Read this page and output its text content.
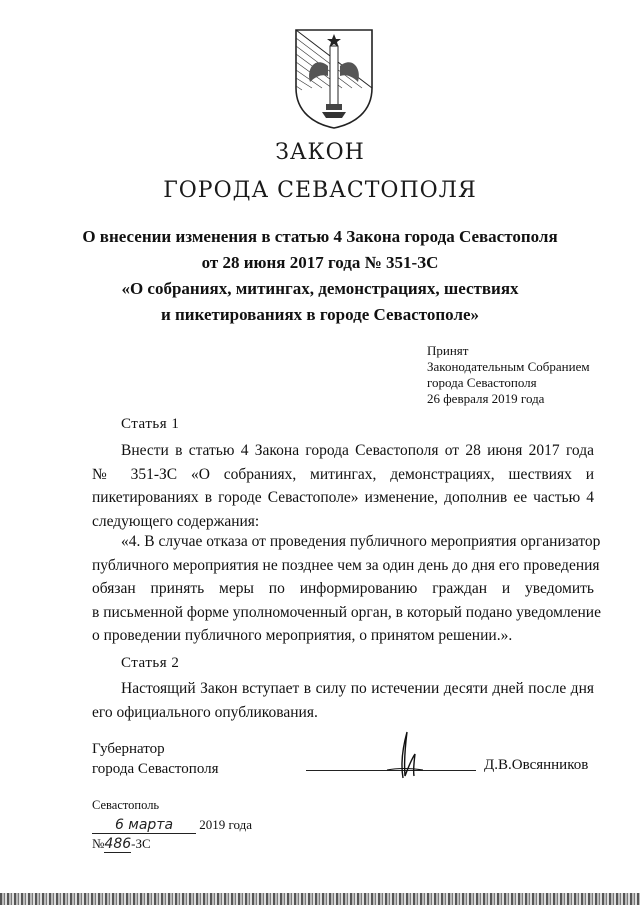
ЗАКОН
ГОРОДА СЕВАСТОПОЛЯ
О внесении изменения в статью 4 Закона города Севастополя
от 28 июня 2017 года № 351-ЗС
«О собраниях, митингах, демонстрациях, шествиях
и пикетированиях в городе Севастополе»
Принят
Законодательным Собранием
города Севастополя
26 февраля 2019 года
Статья 1
Внести в статью 4 Закона города Севастополя от 28 июня 2017 года
№ 351-ЗС «О собраниях, митингах, демонстрациях, шествиях и
пикетированиях в городе Севастополе» изменение, дополнив ее частью 4
следующего содержания:
«4. В случае отказа от проведения публичного мероприятия организатор
публичного мероприятия не позднее чем за один день до дня его проведения
обязан принять меры по информированию граждан и уведомить
в письменной форме уполномоченный орган, в который подано уведомление
о проведении публичного мероприятия, о принятом решении.».
Статья 2
Настоящий Закон вступает в силу по истечении десяти дней после дня
его официального опубликования.
Губернатор
города Севастополя	Д.В.Овсянников
Севастополь
6 марта 2019 года
№486-ЗС
